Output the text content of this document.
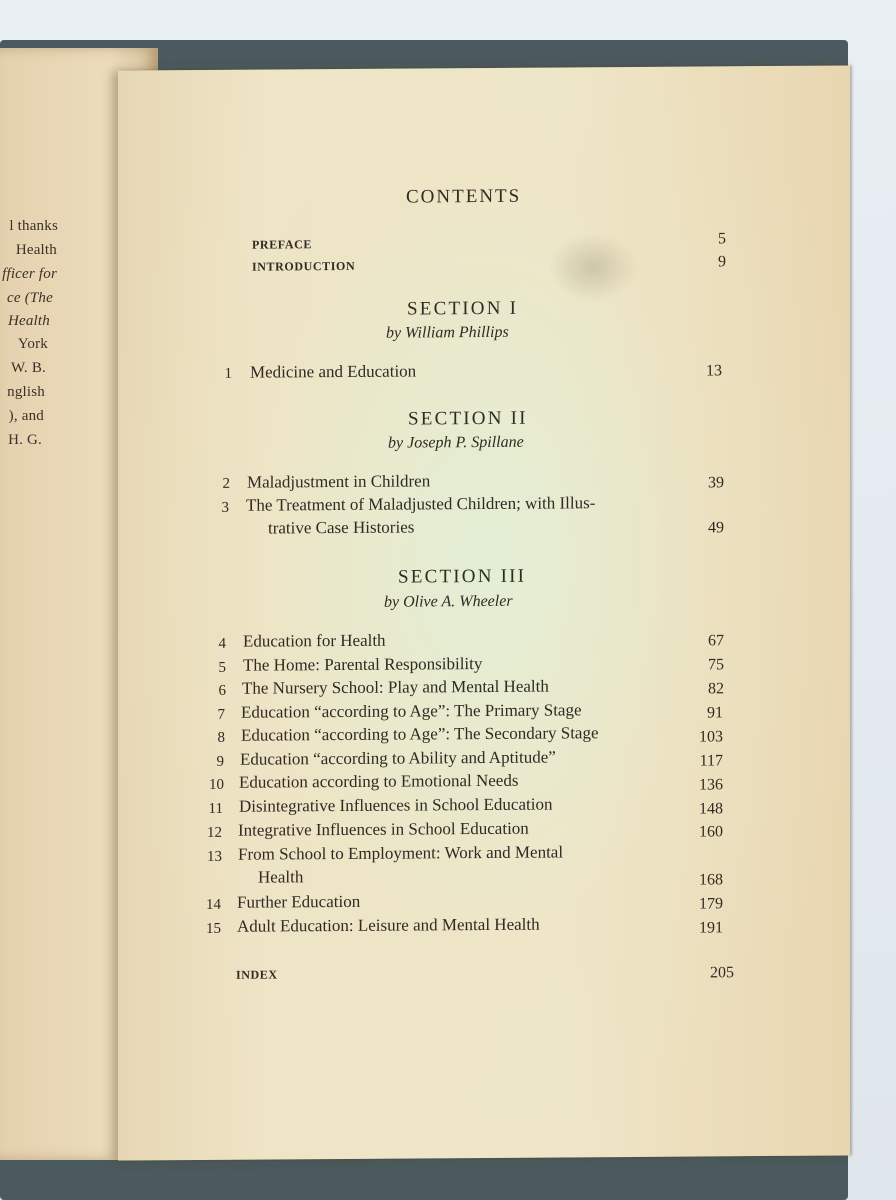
l thanks
Health
fficer for
ce (The
Health
York
W. B.
nglish
), and
H. G.
CONTENTS
PREFACE	5
INTRODUCTION	9
SECTION I
by William Phillips
1 Medicine and Education	13
SECTION II
by Joseph P. Spillane
2 Maladjustment in Children	39
3 The Treatment of Maladjusted Children; with Illus-
trative Case Histories	49
SECTION III
by Olive A. Wheeler
4 Education for Health	67
5 The Home: Parental Responsibility	75
6 The Nursery School: Play and Mental Health	82
7 Education “according to Age”: The Primary Stage	91
8 Education “according to Age”: The Secondary Stage	103
9 Education “according to Ability and Aptitude”	117
10 Education according to Emotional Needs	136
11 Disintegrative Influences in School Education	148
12 Integrative Influences in School Education	160
13 From School to Employment: Work and Mental
Health	168
14 Further Education	179
15 Adult Education: Leisure and Mental Health	191
INDEX	205
